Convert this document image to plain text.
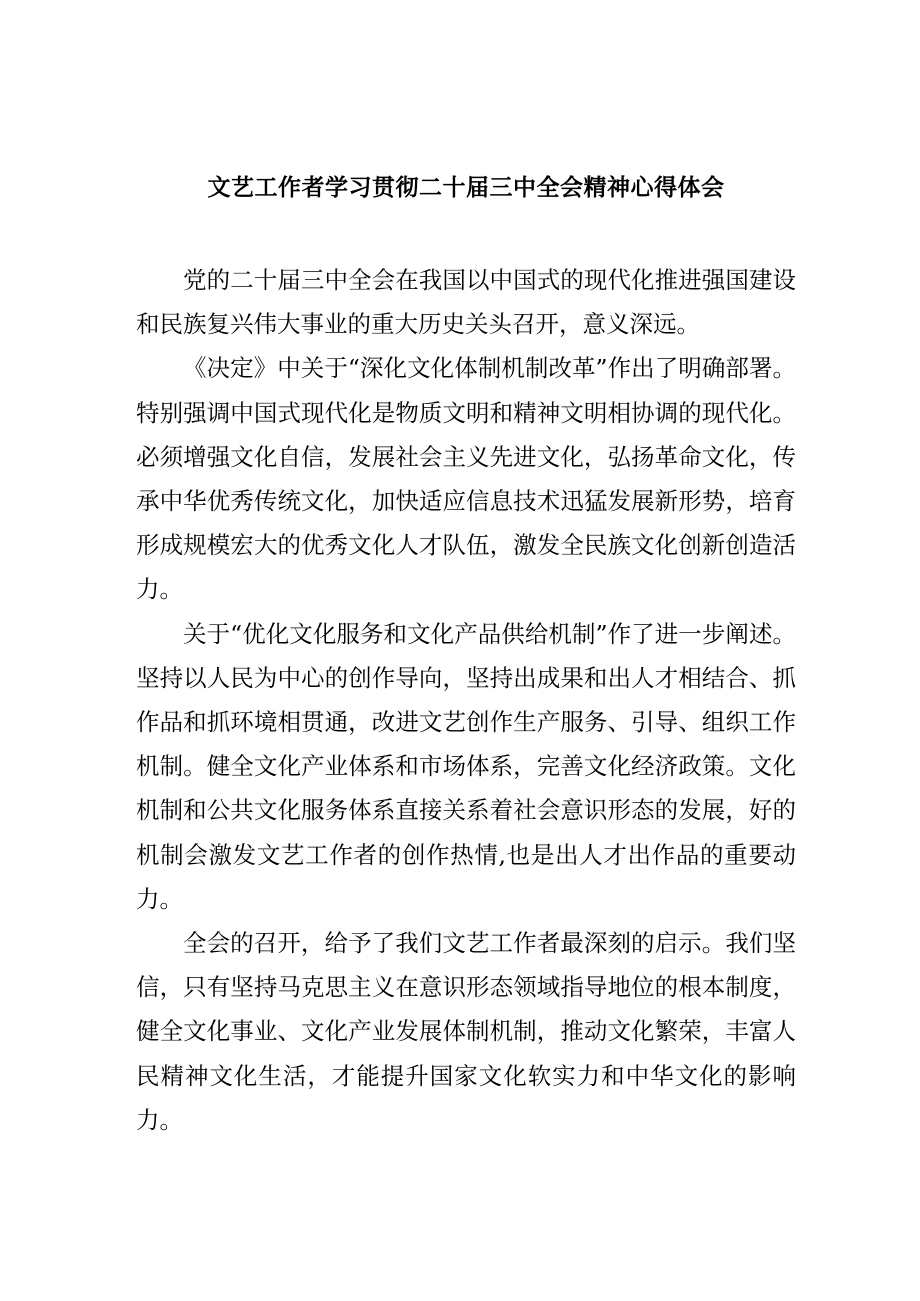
文艺工作者学习贯彻二十届三中全会精神心得体会

党的二十届三中全会在我国以中国式的现代化推进强国建设和民族复兴伟大事业的重大历史关头召开，意义深远。

《决定》中关于“深化文化体制机制改革”作出了明确部署。特别强调中国式现代化是物质文明和精神文明相协调的现代化。必须增强文化自信，发展社会主义先进文化，弘扬革命文化，传承中华优秀传统文化，加快适应信息技术迅猛发展新形势，培育形成规模宏大的优秀文化人才队伍，激发全民族文化创新创造活力。

关于“优化文化服务和文化产品供给机制”作了进一步阐述。坚持以人民为中心的创作导向，坚持出成果和出人才相结合、抓作品和抓环境相贯通，改进文艺创作生产服务、引导、组织工作机制。健全文化产业体系和市场体系，完善文化经济政策。文化机制和公共文化服务体系直接关系着社会意识形态的发展，好的机制会激发文艺工作者的创作热情,也是出人才出作品的重要动力。

全会的召开，给予了我们文艺工作者最深刻的启示。我们坚信，只有坚持马克思主义在意识形态领域指导地位的根本制度，健全文化事业、文化产业发展体制机制，推动文化繁荣，丰富人民精神文化生活，才能提升国家文化软实力和中华文化的影响力。
